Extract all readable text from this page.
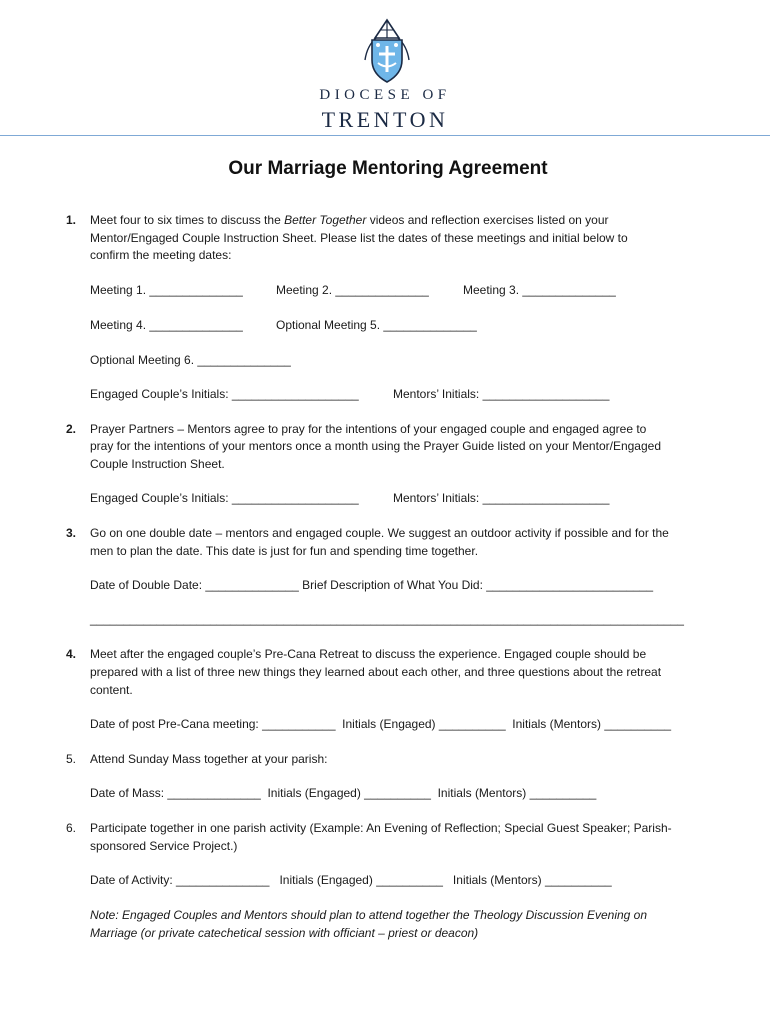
DIOCESE OF
TRENTON
Our Marriage Mentoring Agreement
1. Meet four to six times to discuss the Better Together videos and reflection exercises listed on your
Mentor/Engaged Couple Instruction Sheet. Please list the dates of these meetings and initial below to
confirm the meeting dates:
Meeting 1. ______________	Meeting 2. ______________	Meeting 3. ______________
Meeting 4. ______________	Optional Meeting 5. ______________
Optional Meeting 6. ______________
Engaged Couple’s Initials: ___________________	Mentors’ Initials: ___________________
2. Prayer Partners – Mentors agree to pray for the intentions of your engaged couple and engaged agree to
pray for the intentions of your mentors once a month using the Prayer Guide listed on your Mentor/Engaged
Couple Instruction Sheet.
Engaged Couple’s Initials: ___________________	Mentors’ Initials: ___________________
3. Go on one double date – mentors and engaged couple. We suggest an outdoor activity if possible and for the
men to plan the date. This date is just for fun and spending time together.
Date of Double Date: ______________ Brief Description of What You Did: _________________________
_________________________________________________________________________________________
4. Meet after the engaged couple’s Pre-Cana Retreat to discuss the experience. Engaged couple should be
prepared with a list of three new things they learned about each other, and three questions about the retreat
content.
Date of post Pre-Cana meeting: ___________  Initials (Engaged) __________  Initials (Mentors) __________
5. Attend Sunday Mass together at your parish:
Date of Mass: ______________  Initials (Engaged) __________  Initials (Mentors) __________
6. Participate together in one parish activity (Example: An Evening of Reflection; Special Guest Speaker; Parish-
sponsored Service Project.)
Date of Activity: ______________   Initials (Engaged) __________   Initials (Mentors) __________
Note: Engaged Couples and Mentors should plan to attend together the Theology Discussion Evening on
Marriage (or private catechetical session with officiant – priest or deacon)
